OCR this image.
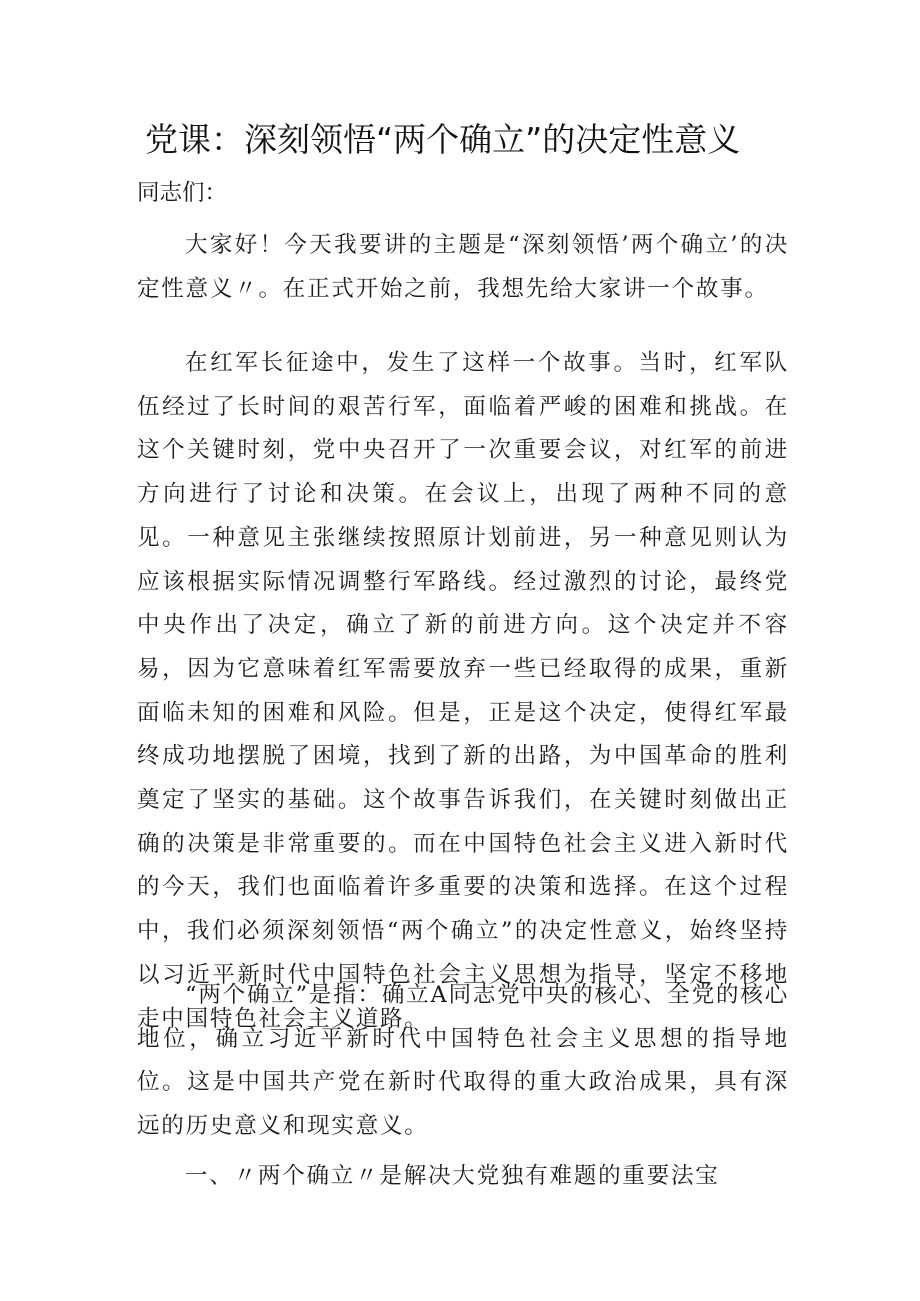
党课：深刻领悟“两个确立”的决定性意义

同志们：

大家好！今天我要讲的主题是“深刻领悟’两个确立’的决定性意义〃。在正式开始之前，我想先给大家讲一个故事。

在红军长征途中，发生了这样一个故事。当时，红军队伍经过了长时间的艰苦行军，面临着严峻的困难和挑战。在这个关键时刻，党中央召开了一次重要会议，对红军的前进方向进行了讨论和决策。在会议上，出现了两种不同的意见。一种意见主张继续按照原计划前进，另一种意见则认为应该根据实际情况调整行军路线。经过激烈的讨论，最终党中央作出了决定，确立了新的前进方向。这个决定并不容易，因为它意味着红军需要放弃一些已经取得的成果，重新面临未知的困难和风险。但是，正是这个决定，使得红军最终成功地摆脱了困境，找到了新的出路，为中国革命的胜利奠定了坚实的基础。这个故事告诉我们，在关键时刻做出正确的决策是非常重要的。而在中国特色社会主义进入新时代的今天，我们也面临着许多重要的决策和选择。在这个过程中，我们必须深刻领悟“两个确立”的决定性意义，始终坚持以习近平新时代中国特色社会主义思想为指导，坚定不移地走中国特色社会主义道路。

“两个确立”是指：确立A同志党中央的核心、全党的核心地位，确立习近平新时代中国特色社会主义思想的指导地位。这是中国共产党在新时代取得的重大政治成果，具有深远的历史意义和现实意义。

一、〃两个确立〃是解决大党独有难题的重要法宝
